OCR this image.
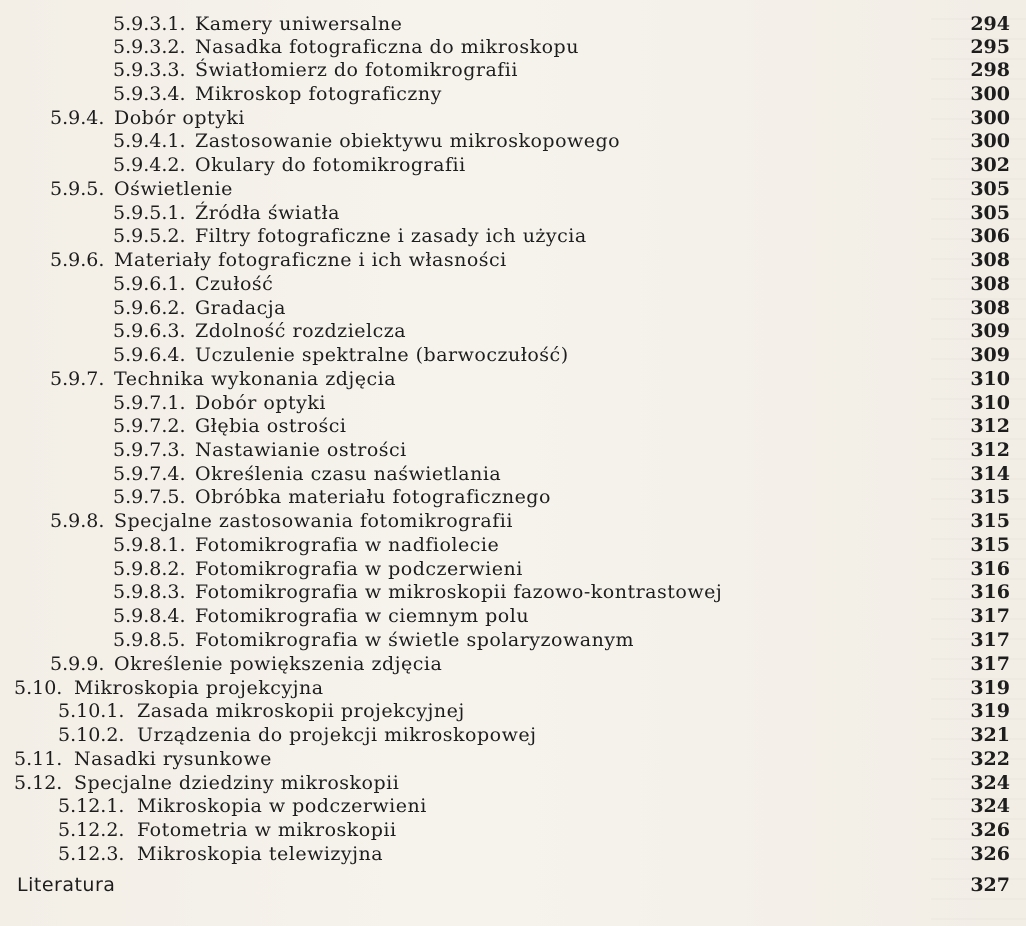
5.9.3.1. Kamery uniwersalne	294
5.9.3.2. Nasadka fotograficzna do mikroskopu	295
5.9.3.3. Światłomierz do fotomikrografii	298
5.9.3.4. Mikroskop fotograficzny	300
5.9.4. Dobór optyki	300
5.9.4.1. Zastosowanie obiektywu mikroskopowego	300
5.9.4.2. Okulary do fotomikrografii	302
5.9.5. Oświetlenie	305
5.9.5.1. Źródła światła	305
5.9.5.2. Filtry fotograficzne i zasady ich użycia	306
5.9.6. Materiały fotograficzne i ich własności	308
5.9.6.1. Czułość	308
5.9.6.2. Gradacja	308
5.9.6.3. Zdolność rozdzielcza	309
5.9.6.4. Uczulenie spektralne (barwoczułość)	309
5.9.7. Technika wykonania zdjęcia	310
5.9.7.1. Dobór optyki	310
5.9.7.2. Głębia ostrości	312
5.9.7.3. Nastawianie ostrości	312
5.9.7.4. Określenia czasu naświetlania	314
5.9.7.5. Obróbka materiału fotograficznego	315
5.9.8. Specjalne zastosowania fotomikrografii	315
5.9.8.1. Fotomikrografia w nadfiolecie	315
5.9.8.2. Fotomikrografia w podczerwieni	316
5.9.8.3. Fotomikrografia w mikroskopii fazowo-kontrastowej	316
5.9.8.4. Fotomikrografia w ciemnym polu	317
5.9.8.5. Fotomikrografia w świetle spolaryzowanym	317
5.9.9. Określenie powiększenia zdjęcia	317
5.10. Mikroskopia projekcyjna	319
5.10.1. Zasada mikroskopii projekcyjnej	319
5.10.2. Urządzenia do projekcji mikroskopowej	321
5.11. Nasadki rysunkowe	322
5.12. Specjalne dziedziny mikroskopii	324
5.12.1. Mikroskopia w podczerwieni	324
5.12.2. Fotometria w mikroskopii	326
5.12.3. Mikroskopia telewizyjna	326
Literatura	327
